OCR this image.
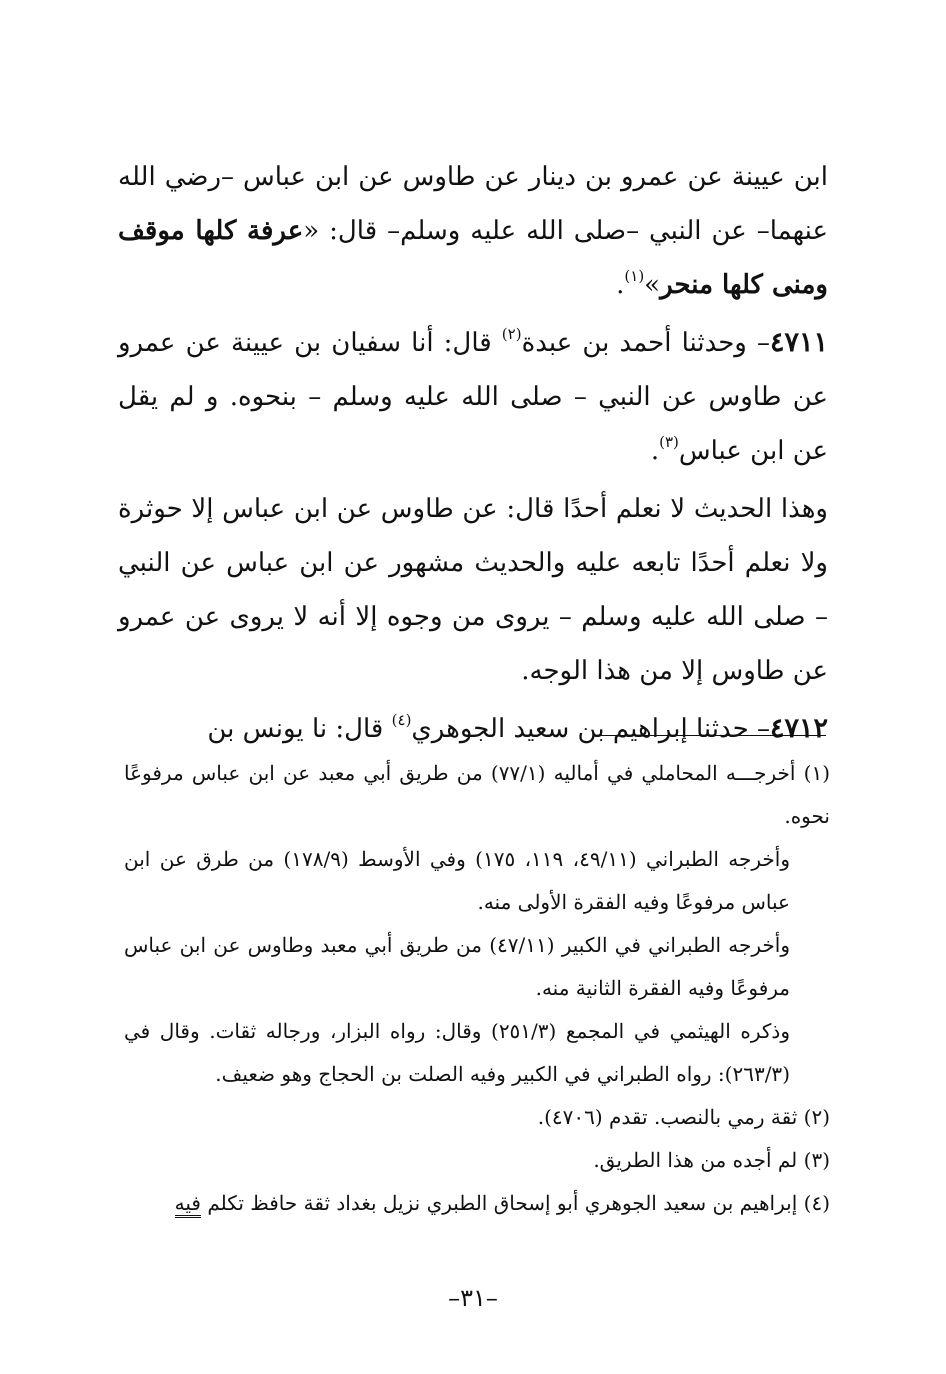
ابن عيينة عن عمرو بن دينار عن طاوس عن ابن عباس –رضي الله عنهما– عن النبي –صلى الله عليه وسلم– قال: «عرفة كلها موقف ومنى كلها منحر»$^{(١)}$.

٤٧١١– وحدثنا أحمد بن عبدة$^{(٢)}$ قال: أنا سفيان بن عيينة عن عمرو عن طاوس عن النبي – صلى الله عليه وسلم – بنحوه. و لم يقل عن ابن عباس$^{(٣)}$.

وهذا الحديث لا نعلم أحدًا قال: عن طاوس عن ابن عباس إلا حوثرة ولا نعلم أحدًا تابعه عليه والحديث مشهور عن ابن عباس عن النبي – صلى الله عليه وسلم – يروى من وجوه إلا أنه لا يروى عن عمرو عن طاوس إلا من هذا الوجه.

٤٧١٢– حدثنا إبراهيم بن سعيد الجوهري$^{(٤)}$ قال: نا يونس بن

(١) أخرجـــه المحاملي في أماليه (٧٧/١) من طريق أبي معبد عن ابن عباس مرفوعًا نحوه.

وأخرجه الطبراني (٤٩/١١، ١١٩، ١٧٥) وفي الأوسط (١٧٨/٩) من طرق عن ابن عباس مرفوعًا وفيه الفقرة الأولى منه.

وأخرجه الطبراني في الكبير (٤٧/١١) من طريق أبي معبد وطاوس عن ابن عباس مرفوعًا وفيه الفقرة الثانية منه.

وذكره الهيثمي في المجمع (٢٥١/٣) وقال: رواه البزار، ورجاله ثقات. وقال في (٢٦٣/٣): رواه الطبراني في الكبير وفيه الصلت بن الحجاج وهو ضعيف.

(٢) ثقة رمي بالنصب. تقدم (٤٧٠٦).

(٣) لم أجده من هذا الطريق.

(٤) إبراهيم بن سعيد الجوهري أبو إسحاق الطبري نزيل بغداد ثقة حافظ تكلم فيه

–٣١–
